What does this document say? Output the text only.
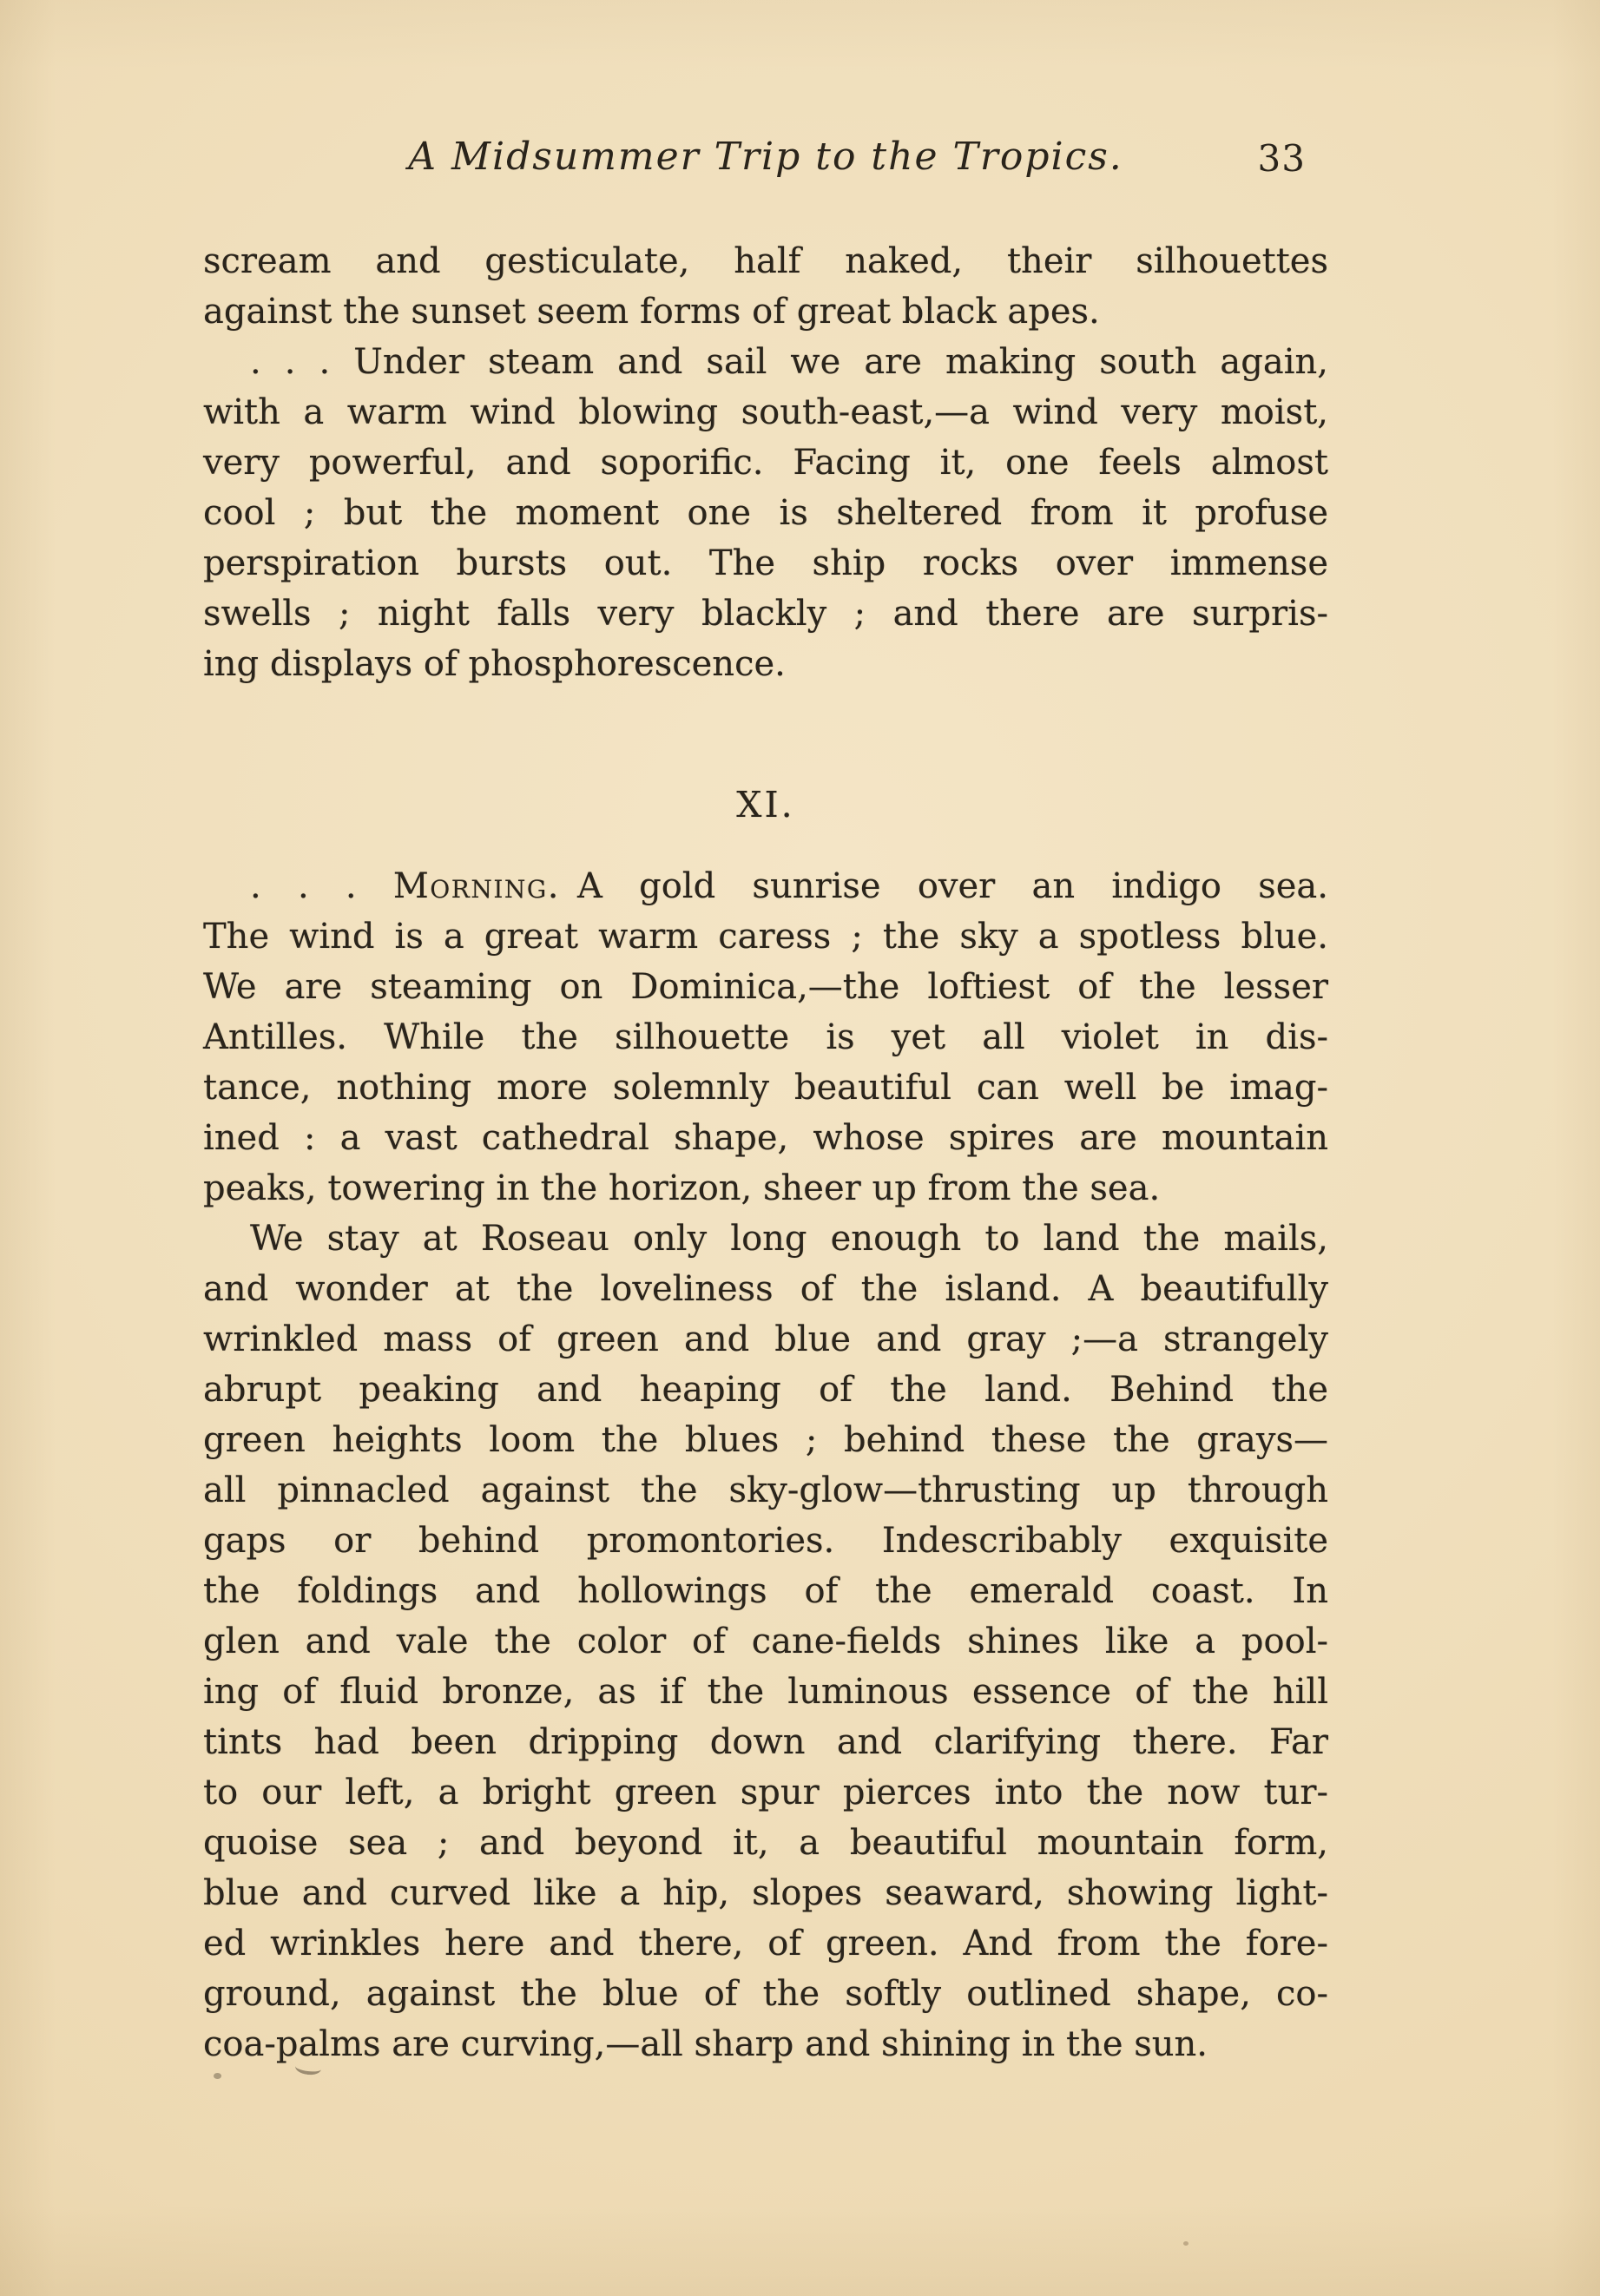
A Midsummer Trip to the Tropics.	33
scream and gesticulate, half naked, their silhouettes
against the sunset seem forms of great black apes.
. . . Under steam and sail we are making south again,
with a warm wind blowing south-east,—a wind very moist,
very powerful, and soporific. Facing it, one feels almost
cool ; but the moment one is sheltered from it profuse
perspiration bursts out. The ship rocks over immense
swells ; night falls very blackly ; and there are surpris-
ing displays of phosphorescence.
XI.
. . . Morning. A gold sunrise over an indigo sea.
The wind is a great warm caress ; the sky a spotless blue.
We are steaming on Dominica,—the loftiest of the lesser
Antilles. While the silhouette is yet all violet in dis-
tance, nothing more solemnly beautiful can well be imag-
ined : a vast cathedral shape, whose spires are mountain
peaks, towering in the horizon, sheer up from the sea.
We stay at Roseau only long enough to land the mails,
and wonder at the loveliness of the island. A beautifully
wrinkled mass of green and blue and gray ;—a strangely
abrupt peaking and heaping of the land. Behind the
green heights loom the blues ; behind these the grays—
all pinnacled against the sky-glow—thrusting up through
gaps or behind promontories. Indescribably exquisite
the foldings and hollowings of the emerald coast. In
glen and vale the color of cane-fields shines like a pool-
ing of fluid bronze, as if the luminous essence of the hill
tints had been dripping down and clarifying there. Far
to our left, a bright green spur pierces into the now tur-
quoise sea ; and beyond it, a beautiful mountain form,
blue and curved like a hip, slopes seaward, showing light-
ed wrinkles here and there, of green. And from the fore-
ground, against the blue of the softly outlined shape, co-
coa-palms are curving,—all sharp and shining in the sun.
